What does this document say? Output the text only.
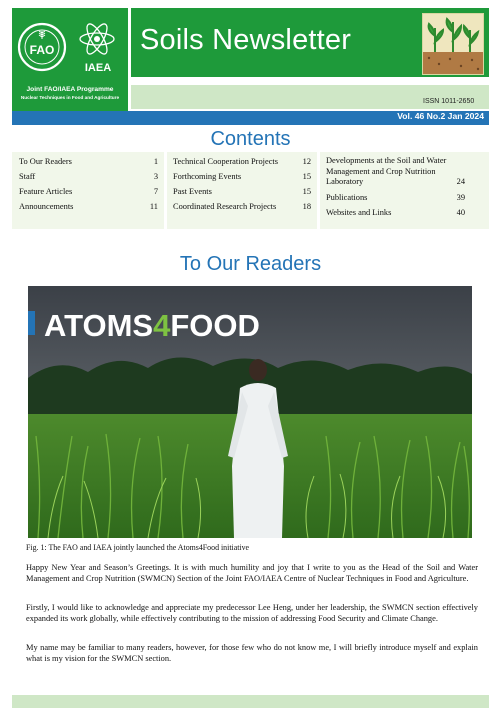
FAO
IAEA
Joint FAO/IAEA Programme
Nuclear Techniques in Food and Agriculture
Soils Newsletter
ISSN 1011-2650
Vol. 46 No.2 Jan 2024
Contents
To Our Readers	1
Staff	3
Feature Articles	7
Announcements	11
Technical Cooperation Projects	12
Forthcoming Events	15
Past Events	15
Coordinated Research Projects	18
Developments at the Soil and Water Management and Crop Nutrition Laboratory	24
Publications	39
Websites and Links	40
To Our Readers
ATOMS4FOOD
Fig. 1: The FAO and IAEA jointly launched the Atoms4Food initiative

Happy New Year and Season’s Greetings. It is with much humility and joy that I write to you as the Head of the Soil and Water Management and Crop Nutrition (SWMCN) Section of the Joint FAO/IAEA Centre of Nuclear Techniques in Food and Agriculture.

Firstly, I would like to acknowledge and appreciate my predecessor Lee Heng, under her leadership, the SWMCN section effectively expanded its work globally, while effectively contributing to the mission of addressing Food Security and Climate Change.

My name may be familiar to many readers, however, for those few who do not know me, I will briefly introduce myself and explain what is my vision for the SWMCN section.
